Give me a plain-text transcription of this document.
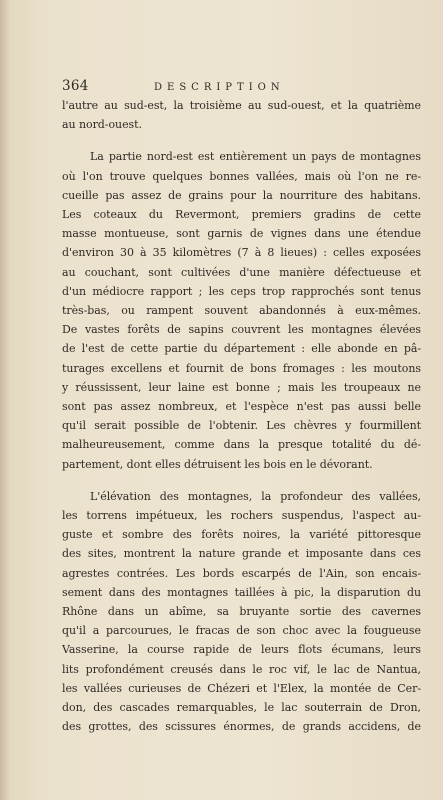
364	DESCRIPTION

l'autre au sud-est, la troisième au sud-ouest, et la quatrième
au nord-ouest.

La partie nord-est est entièrement un pays de montagnes
où l'on trouve quelques bonnes vallées, mais où l'on ne re-
cueille pas assez de grains pour la nourriture des habitans.
Les coteaux du Revermont, premiers gradins de cette
masse montueuse, sont garnis de vignes dans une étendue
d'environ 30 à 35 kilomètres (7 à 8 lieues) : celles exposées
au couchant, sont cultivées d'une manière défectueuse et
d'un médiocre rapport ; les ceps trop rapprochés sont tenus
très-bas, ou rampent souvent abandonnés à eux-mêmes.
De vastes forêts de sapins couvrent les montagnes élevées
de l'est de cette partie du département : elle abonde en pâ-
turages excellens et fournit de bons fromages : les moutons
y réussissent, leur laine est bonne ; mais les troupeaux ne
sont pas assez nombreux, et l'espèce n'est pas aussi belle
qu'il serait possible de l'obtenir. Les chèvres y fourmillent
malheureusement, comme dans la presque totalité du dé-
partement, dont elles détruisent les bois en le dévorant.

L'élévation des montagnes, la profondeur des vallées,
les torrens impétueux, les rochers suspendus, l'aspect au-
guste et sombre des forêts noires, la variété pittoresque
des sites, montrent la nature grande et imposante dans ces
agrestes contrées. Les bords escarpés de l'Ain, son encais-
sement dans des montagnes taillées à pic, la disparution du
Rhône dans un abîme, sa bruyante sortie des cavernes
qu'il a parcourues, le fracas de son choc avec la fougueuse
Vasserine, la course rapide de leurs flots écumans, leurs
lits profondément creusés dans le roc vif, le lac de Nantua,
les vallées curieuses de Chézeri et l'Elex, la montée de Cer-
don, des cascades remarquables, le lac souterrain de Dron,
des grottes, des scissures énormes, de grands accidens, de
